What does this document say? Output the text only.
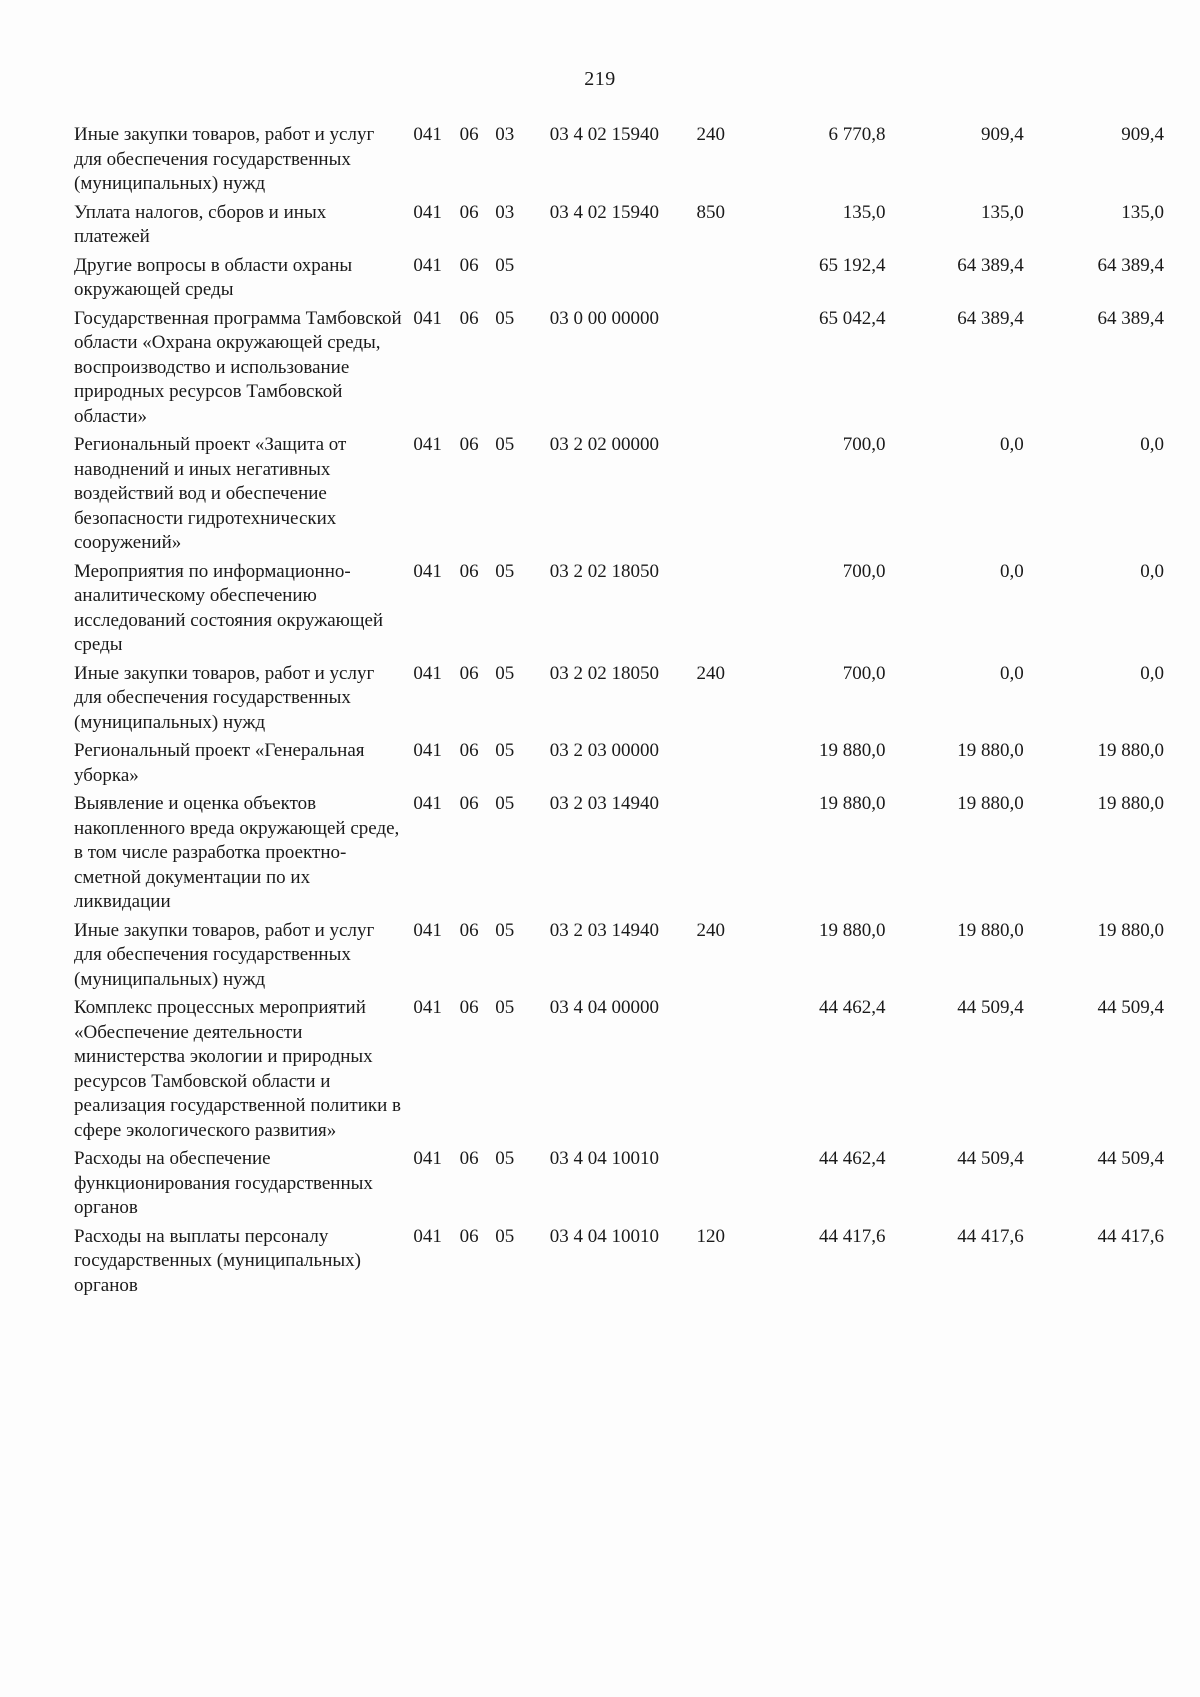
219
Иные закупки товаров, работ и услуг для обеспечения государственных (муниципальных) нужд	041	06	03	03 4 02 15940	240	6 770,8	909,4	909,4
Уплата налогов, сборов и иных платежей	041	06	03	03 4 02 15940	850	135,0	135,0	135,0
Другие вопросы в области охраны окружающей среды	041	06	05			65 192,4	64 389,4	64 389,4
Государственная программа Тамбовской области «Охрана окружающей среды, воспроизводство и использование природных ресурсов Тамбовской области»	041	06	05	03 0 00 00000		65 042,4	64 389,4	64 389,4
Региональный проект «Защита от наводнений и иных негативных воздействий вод и обеспечение безопасности гидротехнических сооружений»	041	06	05	03 2 02 00000		700,0	0,0	0,0
Мероприятия по информационно-аналитическому обеспечению исследований состояния окружающей среды	041	06	05	03 2 02 18050		700,0	0,0	0,0
Иные закупки товаров, работ и услуг для обеспечения государственных (муниципальных) нужд	041	06	05	03 2 02 18050	240	700,0	0,0	0,0
Региональный проект «Генеральная уборка»	041	06	05	03 2 03 00000		19 880,0	19 880,0	19 880,0
Выявление и оценка объектов накопленного вреда окружающей среде, в том числе разработка проектно-сметной документации по их ликвидации	041	06	05	03 2 03 14940		19 880,0	19 880,0	19 880,0
Иные закупки товаров, работ и услуг для обеспечения государственных (муниципальных) нужд	041	06	05	03 2 03 14940	240	19 880,0	19 880,0	19 880,0
Комплекс процессных мероприятий «Обеспечение деятельности министерства экологии и природных ресурсов Тамбовской области и реализация государственной политики в сфере экологического развития»	041	06	05	03 4 04 00000		44 462,4	44 509,4	44 509,4
Расходы на обеспечение функционирования государственных органов	041	06	05	03 4 04 10010		44 462,4	44 509,4	44 509,4
Расходы на выплаты персоналу государственных (муниципальных) органов	041	06	05	03 4 04 10010	120	44 417,6	44 417,6	44 417,6
